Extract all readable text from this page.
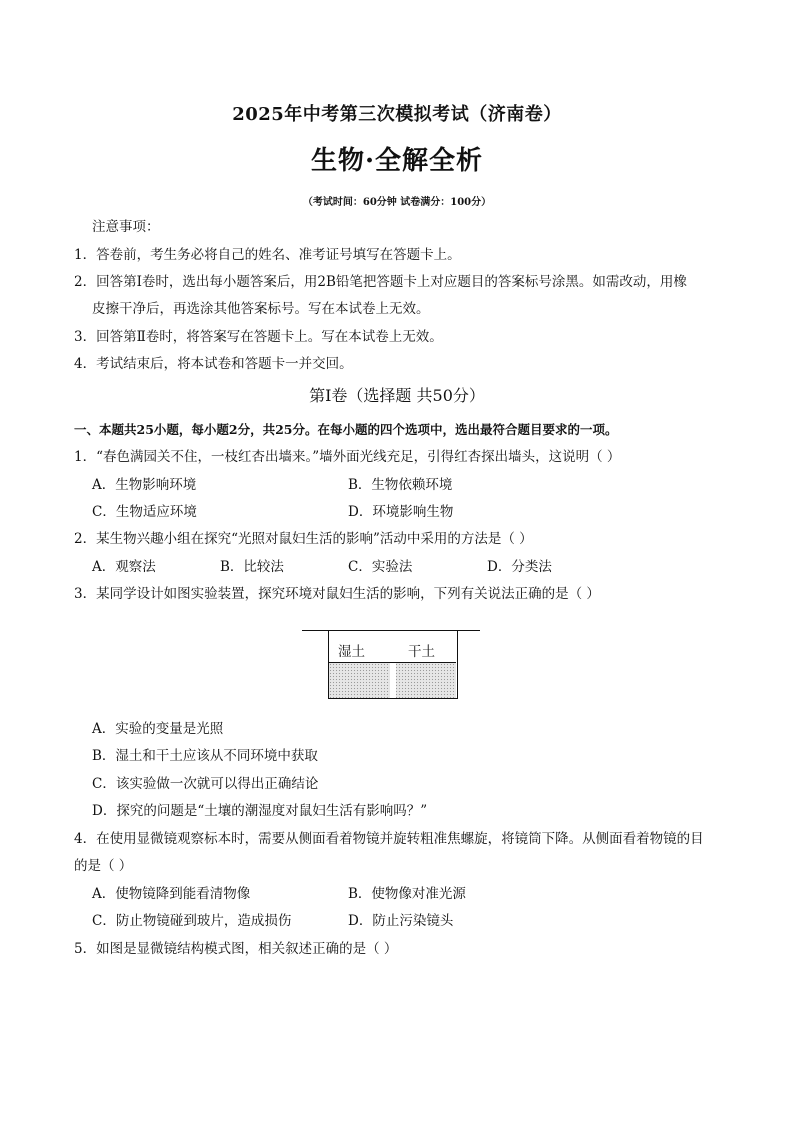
2025年中考第三次模拟考试（济南卷）
生物·全解全析
（考试时间：60分钟 试卷满分：100分）
注意事项：
1．答卷前，考生务必将自己的姓名、准考证号填写在答题卡上。
2．回答第Ⅰ卷时，选出每小题答案后，用2B铅笔把答题卡上对应题目的答案标号涂黑。如需改动，用橡
皮擦干净后，再选涂其他答案标号。写在本试卷上无效。
3．回答第Ⅱ卷时，将答案写在答题卡上。写在本试卷上无效。
4．考试结束后，将本试卷和答题卡一并交回。
第Ⅰ卷（选择题 共50分）
一、本题共25小题，每小题2分，共25分。在每小题的四个选项中，选出最符合题目要求的一项。
1．“春色满园关不住，一枝红杏出墙来。”墙外面光线充足，引得红杏探出墙头，这说明（ ）
A．生物影响环境	B．生物依赖环境
C．生物适应环境	D．环境影响生物
2．某生物兴趣小组在探究“光照对鼠妇生活的影响”活动中采用的方法是（ ）
A．观察法	B．比较法	C．实验法	D．分类法
3．某同学设计如图实验装置，探究环境对鼠妇生活的影响，下列有关说法正确的是（ ）
湿土	干土
A．实验的变量是光照
B．湿土和干土应该从不同环境中获取
C．该实验做一次就可以得出正确结论
D．探究的问题是“土壤的潮湿度对鼠妇生活有影响吗？”
4．在使用显微镜观察标本时，需要从侧面看着物镜并旋转粗准焦螺旋，将镜筒下降。从侧面看着物镜的目
的是（ ）
A．使物镜降到能看清物像	B．使物像对准光源
C．防止物镜碰到玻片，造成损伤	D．防止污染镜头
5．如图是显微镜结构模式图，相关叙述正确的是（ ）
